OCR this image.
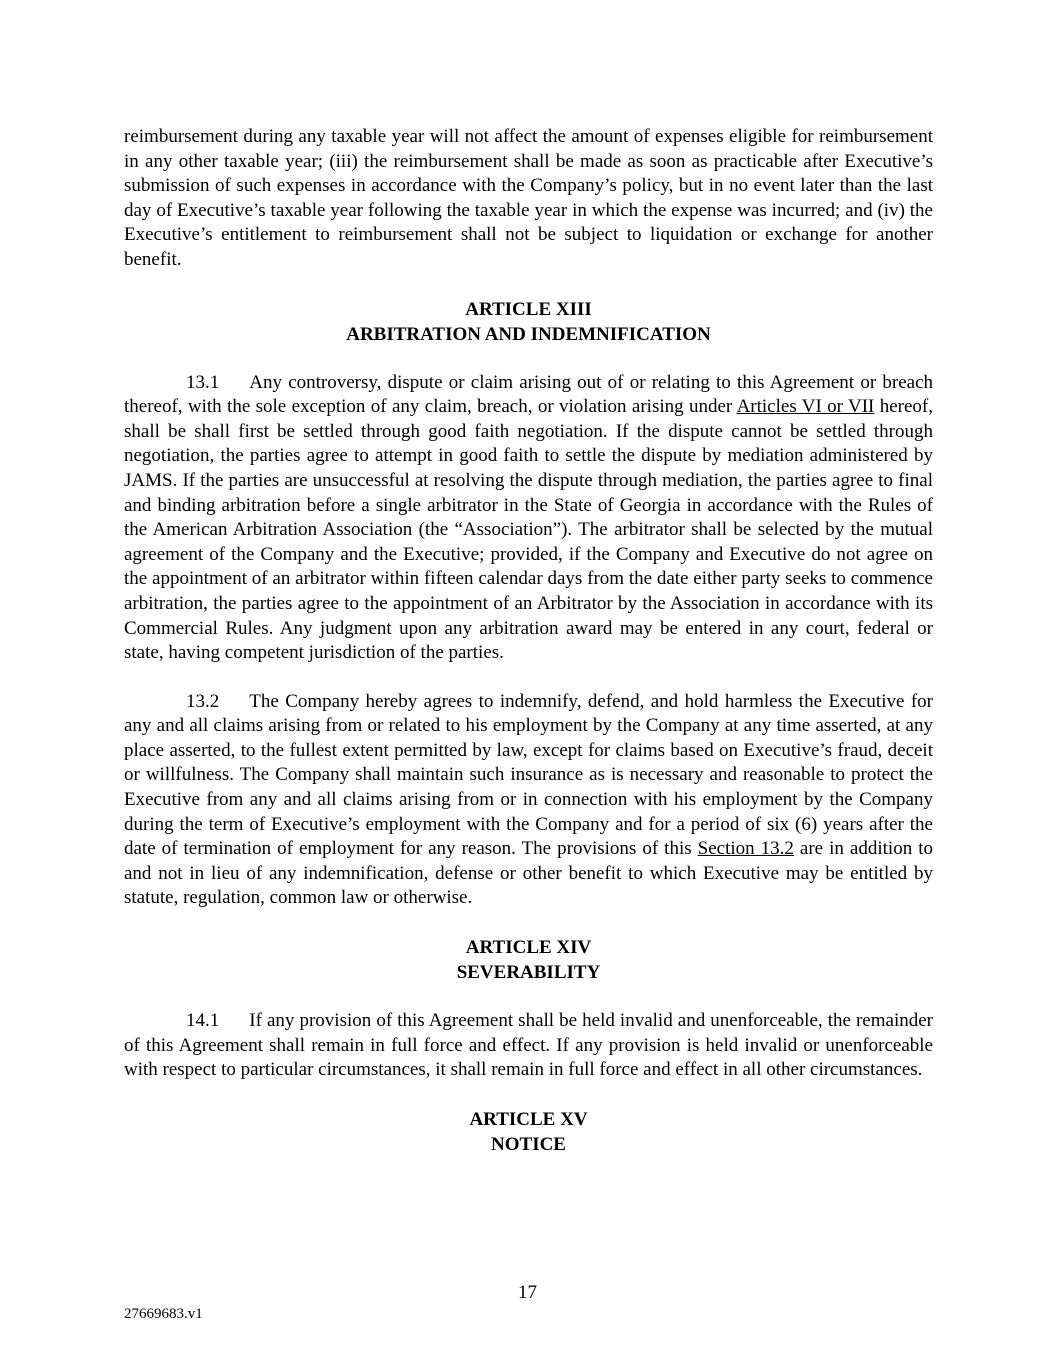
reimbursement during any taxable year will not affect the amount of expenses eligible for reimbursement in any other taxable year; (iii) the reimbursement shall be made as soon as practicable after Executive’s submission of such expenses in accordance with the Company’s policy, but in no event later than the last day of Executive’s taxable year following the taxable year in which the expense was incurred; and (iv) the Executive’s entitlement to reimbursement shall not be subject to liquidation or exchange for another benefit.

ARTICLE XIII
ARBITRATION AND INDEMNIFICATION

13.1 Any controversy, dispute or claim arising out of or relating to this Agreement or breach thereof, with the sole exception of any claim, breach, or violation arising under Articles VI or VII hereof, shall be shall first be settled through good faith negotiation. If the dispute cannot be settled through negotiation, the parties agree to attempt in good faith to settle the dispute by mediation administered by JAMS. If the parties are unsuccessful at resolving the dispute through mediation, the parties agree to final and binding arbitration before a single arbitrator in the State of Georgia in accordance with the Rules of the American Arbitration Association (the “Association”). The arbitrator shall be selected by the mutual agreement of the Company and the Executive; provided, if the Company and Executive do not agree on the appointment of an arbitrator within fifteen calendar days from the date either party seeks to commence arbitration, the parties agree to the appointment of an Arbitrator by the Association in accordance with its Commercial Rules. Any judgment upon any arbitration award may be entered in any court, federal or state, having competent jurisdiction of the parties.

13.2 The Company hereby agrees to indemnify, defend, and hold harmless the Executive for any and all claims arising from or related to his employment by the Company at any time asserted, at any place asserted, to the fullest extent permitted by law, except for claims based on Executive’s fraud, deceit or willfulness. The Company shall maintain such insurance as is necessary and reasonable to protect the Executive from any and all claims arising from or in connection with his employment by the Company during the term of Executive’s employment with the Company and for a period of six (6) years after the date of termination of employment for any reason. The provisions of this Section 13.2 are in addition to and not in lieu of any indemnification, defense or other benefit to which Executive may be entitled by statute, regulation, common law or otherwise.

ARTICLE XIV
SEVERABILITY

14.1 If any provision of this Agreement shall be held invalid and unenforceable, the remainder of this Agreement shall remain in full force and effect. If any provision is held invalid or unenforceable with respect to particular circumstances, it shall remain in full force and effect in all other circumstances.

ARTICLE XV
NOTICE
17
27669683.v1
